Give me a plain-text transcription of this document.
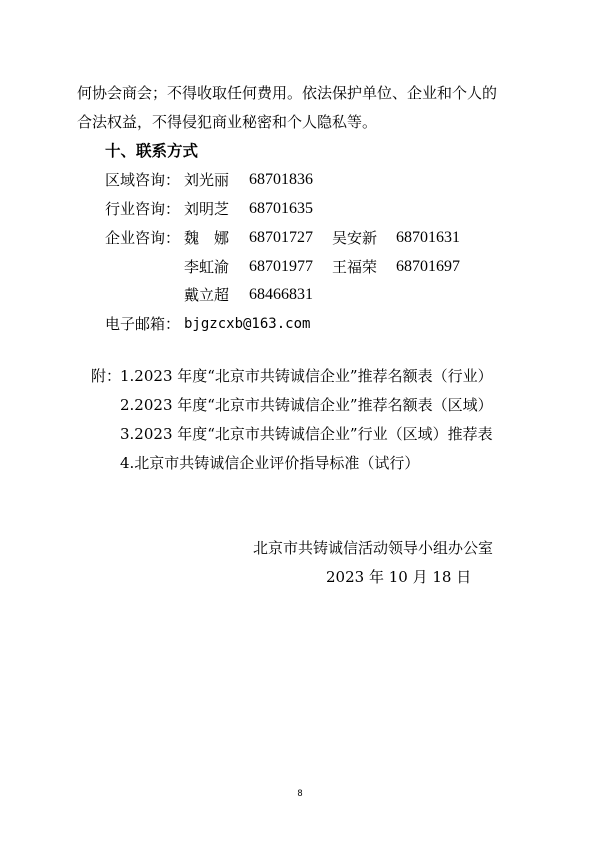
何协会商会；不得收取任何费用。依法保护单位、企业和个人的
合法权益，不得侵犯商业秘密和个人隐私等。
十、联系方式
区域咨询： 刘光丽 68701836
行业咨询： 刘明芝 68701635
企业咨询： 魏　娜 68701727 吴安新 68701631
李虹渝 68701977 王福荣 68701697
戴立超 68466831
电子邮箱： bjgzcxb@163.com
附：
1.2023 年度“北京市共铸诚信企业”推荐名额表（行业）
2.2023 年度“北京市共铸诚信企业”推荐名额表（区域）
3.2023 年度“北京市共铸诚信企业”行业（区域）推荐表
4.北京市共铸诚信企业评价指导标准（试行）
北京市共铸诚信活动领导小组办公室
2023 年 10 月 18 日
8
